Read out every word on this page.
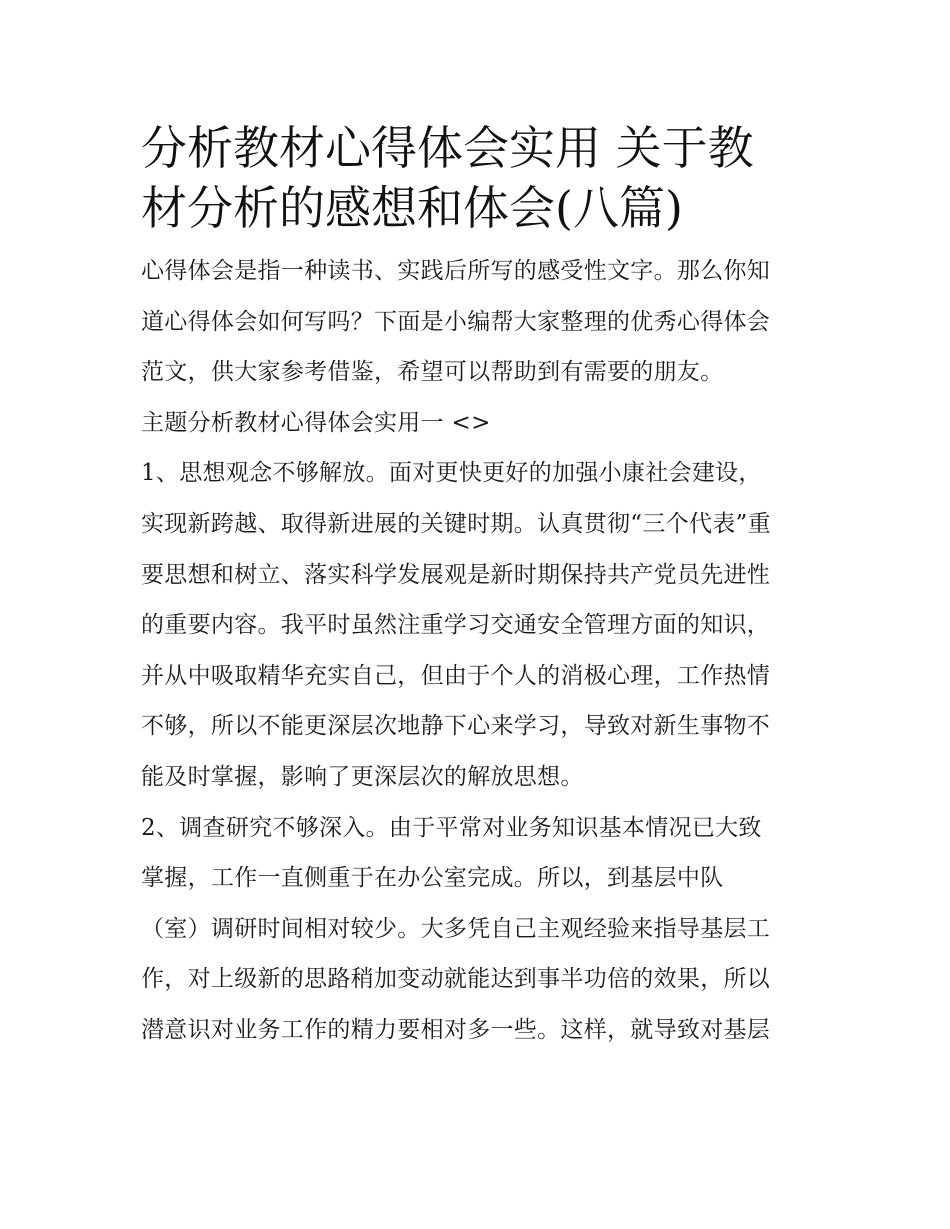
分析教材心得体会实用 关于教
材分析的感想和体会(八篇)

心得体会是指一种读书、实践后所写的感受性文字。那么你知
道心得体会如何写吗？下面是小编帮大家整理的优秀心得体会
范文，供大家参考借鉴，希望可以帮助到有需要的朋友。

主题分析教材心得体会实用一 <>

1、思想观念不够解放。面对更快更好的加强小康社会建设，
实现新跨越、取得新进展的关键时期。认真贯彻“三个代表”重
要思想和树立、落实科学发展观是新时期保持共产党员先进性
的重要内容。我平时虽然注重学习交通安全管理方面的知识，
并从中吸取精华充实自己，但由于个人的消极心理，工作热情
不够，所以不能更深层次地静下心来学习，导致对新生事物不
能及时掌握，影响了更深层次的解放思想。

2、调查研究不够深入。由于平常对业务知识基本情况已大致
掌握，工作一直侧重于在办公室完成。所以，到基层中队
（室）调研时间相对较少。大多凭自己主观经验来指导基层工
作，对上级新的思路稍加变动就能达到事半功倍的效果，所以
潜意识对业务工作的精力要相对多一些。这样，就导致对基层
